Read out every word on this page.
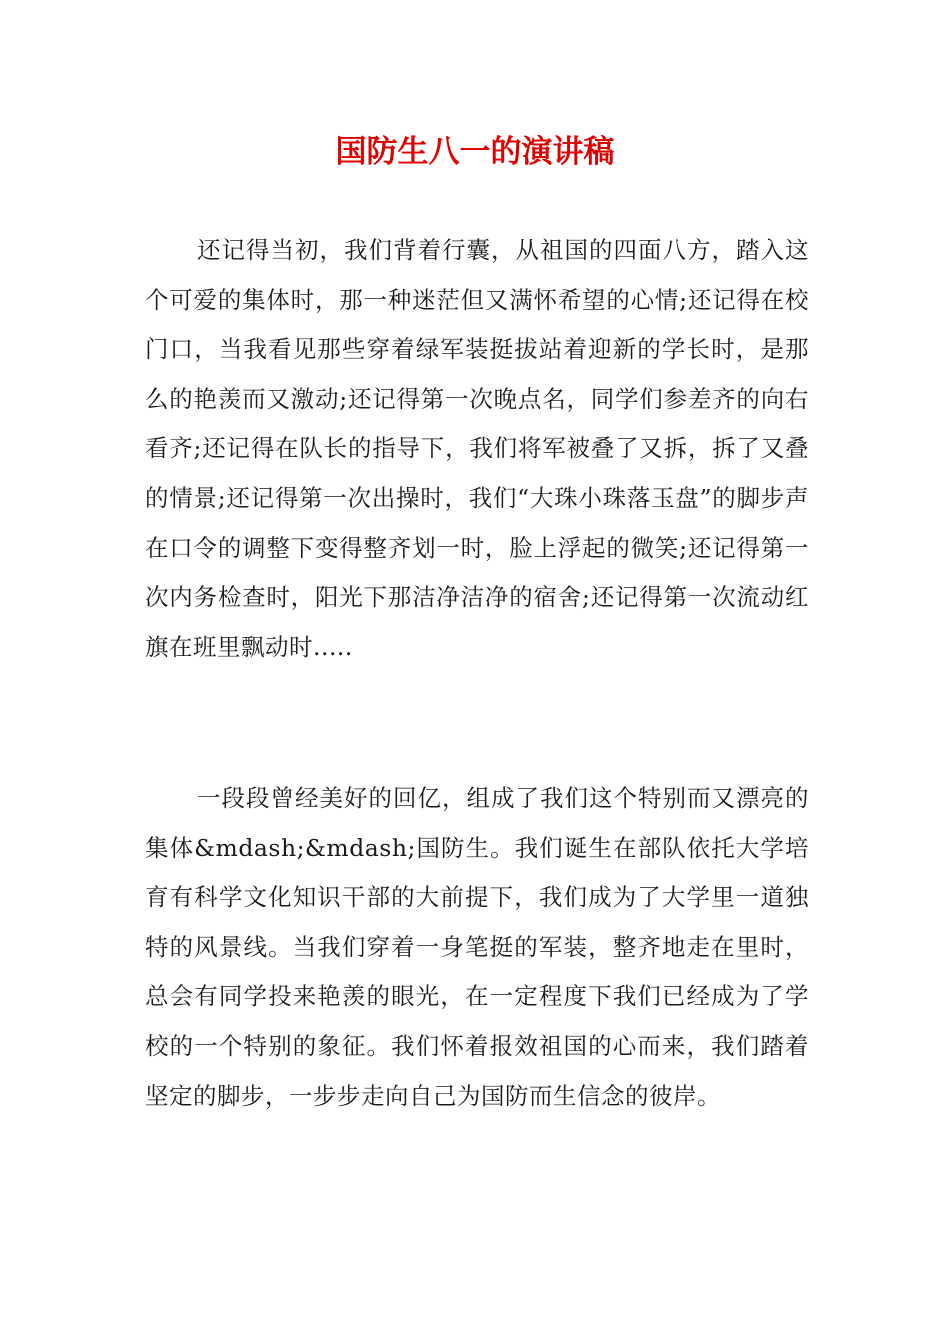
国防生八一的演讲稿

还记得当初，我们背着行囊，从祖国的四面八方，踏入这个可爱的集体时，那一种迷茫但又满怀希望的心情;还记得在校门口，当我看见那些穿着绿军装挺拔站着迎新的学长时，是那么的艳羡而又激动;还记得第一次晚点名，同学们参差齐的向右看齐;还记得在队长的指导下，我们将军被叠了又拆，拆了又叠的情景;还记得第一次出操时，我们“大珠小珠落玉盘”的脚步声在口令的调整下变得整齐划一时，脸上浮起的微笑;还记得第一次内务检查时，阳光下那洁净洁净的宿舍;还记得第一次流动红旗在班里飘动时.....

一段段曾经美好的回亿，组成了我们这个特别而又漂亮的集体&mdash;&mdash;国防生。我们诞生在部队依托大学培育有科学文化知识干部的大前提下，我们成为了大学里一道独特的风景线。当我们穿着一身笔挺的军装，整齐地走在里时，总会有同学投来艳羡的眼光，在一定程度下我们已经成为了学校的一个特别的象征。我们怀着报效祖国的心而来，我们踏着坚定的脚步，一步步走向自己为国防而生信念的彼岸。
